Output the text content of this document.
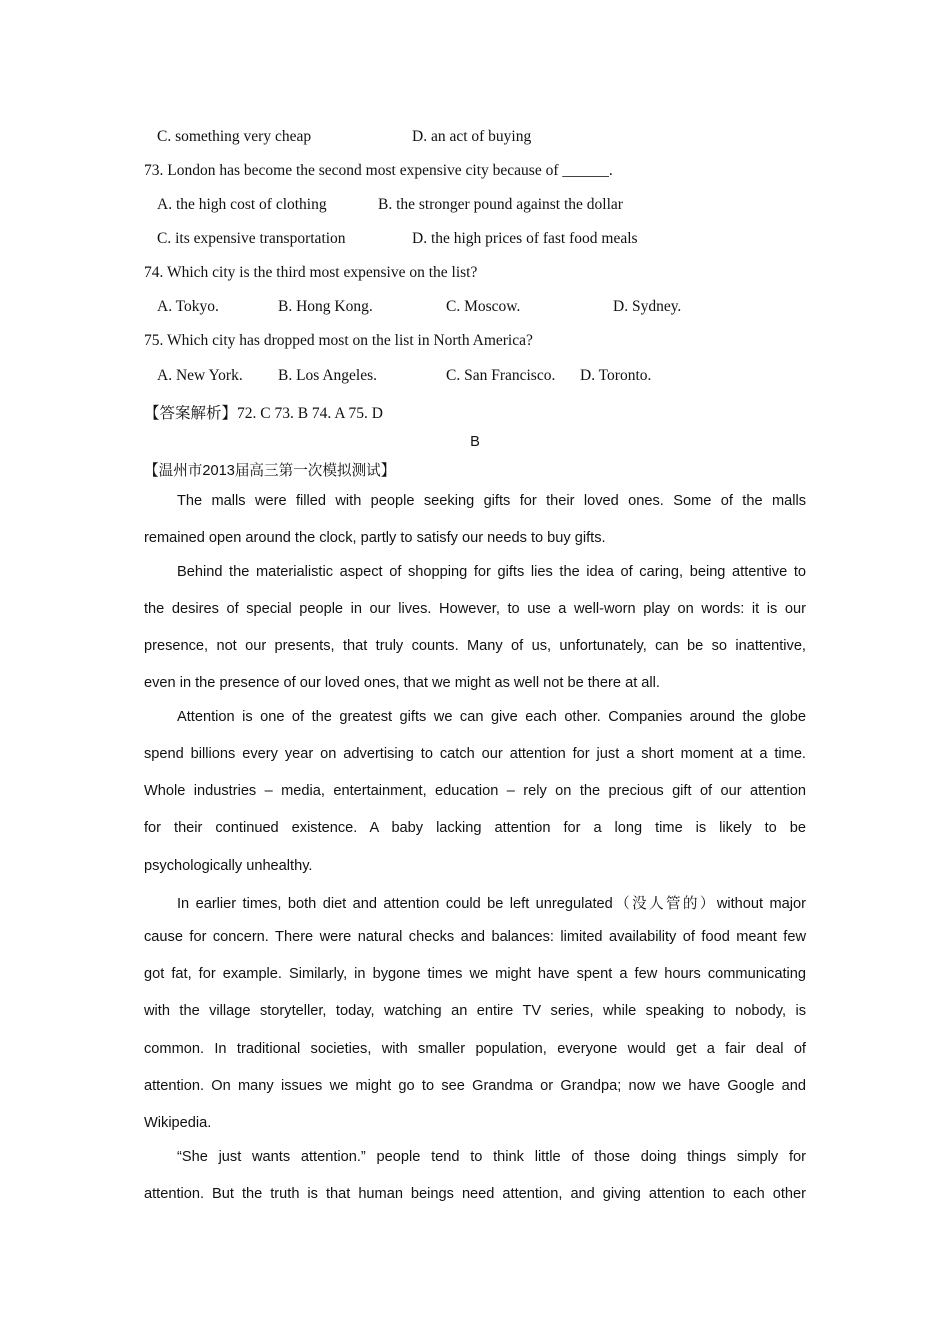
C. something very cheap	D. an act of buying
73. London has become the second most expensive city because of ______.
A. the high cost of clothing	B. the stronger pound against the dollar
C. its expensive transportation	D. the high prices of fast food meals
74. Which city is the third most expensive on the list?
A. Tokyo.	B. Hong Kong.	C. Moscow.	D. Sydney.
75. Which city has dropped most on the list in North America?
A. New York. B. Los Angeles.	C. San Francisco. D. Toronto.
【答案解析】72. C 73. B 74. A 75. D
B
【温州市2013届高三第一次模拟测试】
The malls were filled with people seeking gifts for their loved ones. Some of the malls
remained open around the clock, partly to satisfy our needs to buy gifts.
Behind the materialistic aspect of shopping for gifts lies the idea of caring, being attentive to
the desires of special people in our lives. However, to use a well-worn play on words: it is our
presence, not our presents, that truly counts. Many of us, unfortunately, can be so inattentive,
even in the presence of our loved ones, that we might as well not be there at all.
Attention is one of the greatest gifts we can give each other. Companies around the globe
spend billions every year on advertising to catch our attention for just a short moment at a time.
Whole industries – media, entertainment, education – rely on the precious gift of our attention
for their continued existence. A baby lacking attention for a long time is likely to be
psychologically unhealthy.
In earlier times, both diet and attention could be left unregulated（没人管的）without major
cause for concern. There were natural checks and balances: limited availability of food meant few
got fat, for example. Similarly, in bygone times we might have spent a few hours communicating
with the village storyteller, today, watching an entire TV series, while speaking to nobody, is
common. In traditional societies, with smaller population, everyone would get a fair deal of
attention. On many issues we might go to see Grandma or Grandpa; now we have Google and
Wikipedia.
“She just wants attention.” people tend to think little of those doing things simply for
attention. But the truth is that human beings need attention, and giving attention to each other
